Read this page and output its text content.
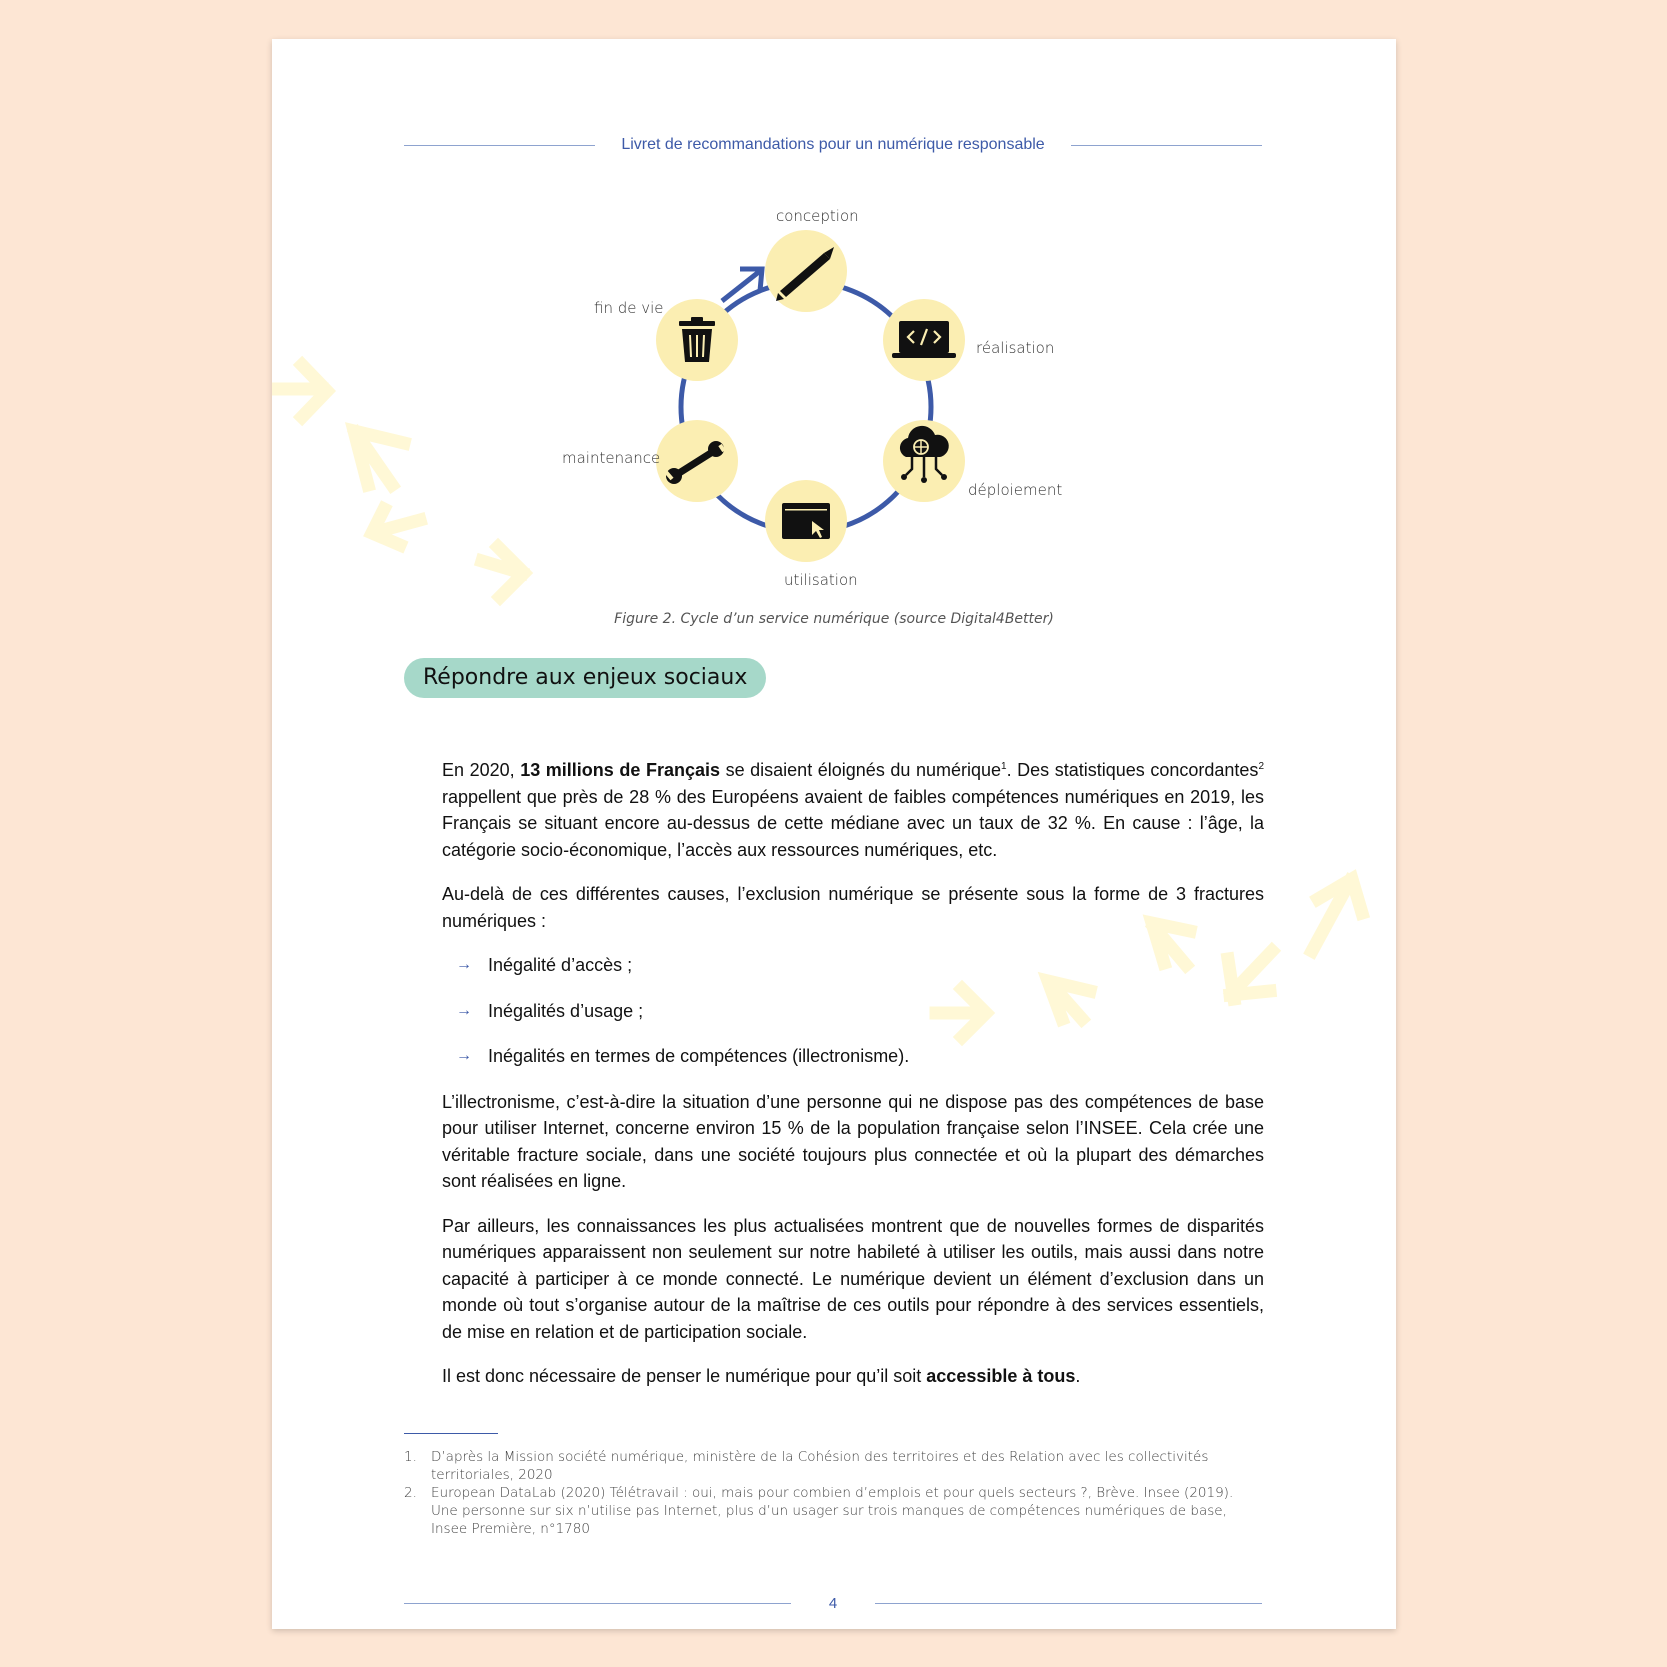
Livret de recommandations pour un numérique responsable
conception
réalisation
déploiement
utilisation
maintenance
fin de vie
Figure 2. Cycle d’un service numérique (source Digital4Better)
Répondre aux enjeux sociaux

En 2020, 13 millions de Français se disaient éloignés du numérique$^1$. Des statistiques concordantes$^2$ rappellent que près de 28 % des Européens avaient de faibles compétences numériques en 2019, les Français se situant encore au-dessus de cette médiane avec un taux de 32 %. En cause : l’âge, la catégorie socio-économique, l’accès aux ressources numériques, etc.

Au-delà de ces différentes causes, l’exclusion numérique se présente sous la forme de 3 fractures numériques :

→ Inégalité d’accès ;
→ Inégalités d’usage ;
→ Inégalités en termes de compétences (illectronisme).

L’illectronisme, c’est-à-dire la situation d’une personne qui ne dispose pas des compétences de base pour utiliser Internet, concerne environ 15 % de la population française selon l’INSEE. Cela crée une véritable fracture sociale, dans une société toujours plus connectée et où la plupart des démarches sont réalisées en ligne.

Par ailleurs, les connaissances les plus actualisées montrent que de nouvelles formes de disparités numériques apparaissent non seulement sur notre habileté à utiliser les outils, mais aussi dans notre capacité à participer à ce monde connecté. Le numérique devient un élément d’exclusion dans un monde où tout s’organise autour de la maîtrise de ces outils pour répondre à des services essentiels, de mise en relation et de participation sociale.

Il est donc nécessaire de penser le numérique pour qu’il soit accessible à tous.

1. D’après la Mission société numérique, ministère de la Cohésion des territoires et des Relation avec les collectivités territoriales, 2020

2. European DataLab (2020) Télétravail : oui, mais pour combien d’emplois et pour quels secteurs ?, Brève. Insee (2019). Une personne sur six n’utilise pas Internet, plus d’un usager sur trois manques de compétences numériques de base, Insee Première, n°1780

4
